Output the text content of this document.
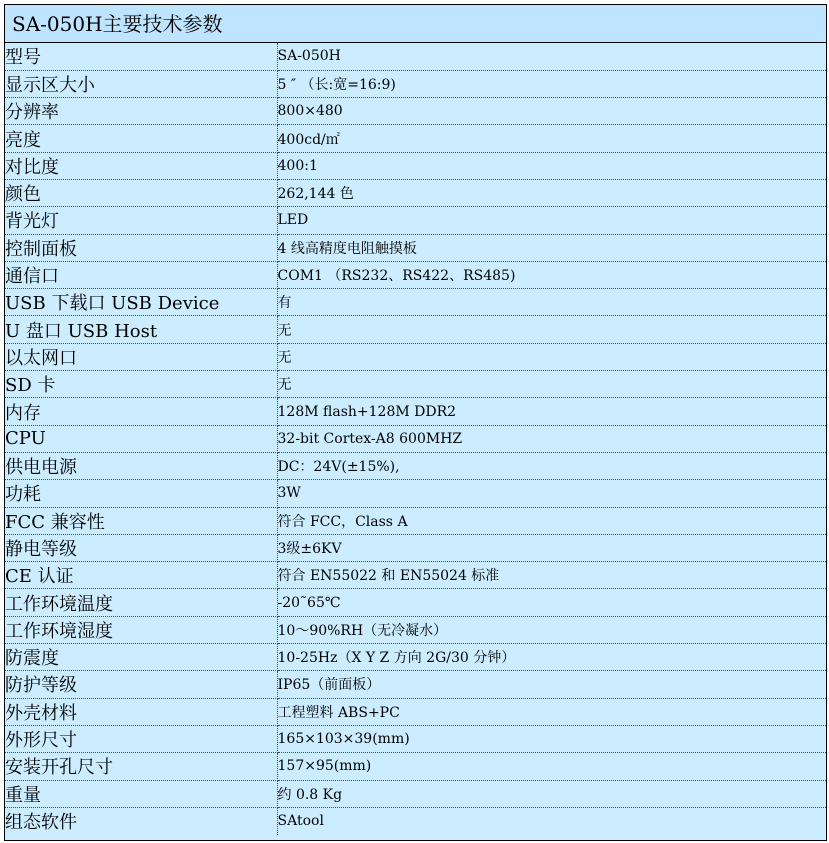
SA-050H主要技术参数
型号	SA-050H
显示区大小	5 ″ （长:宽=16:9)
分辨率	800×480
亮度	400cd/㎡
对比度	400:1
颜色	262,144 色
背光灯	LED
控制面板	4 线高精度电阻触摸板
通信口	COM1 （RS232、RS422、RS485)
USB 下载口 USB Device	有
U 盘口 USB Host	无
以太网口	无
SD 卡	无
内存	128M flash+128M DDR2
CPU	32-bit Cortex-A8 600MHZ
供电电源	DC：24V(±15%),
功耗	3W
FCC 兼容性	符合 FCC，Class A
静电等级	3级±6KV
CE 认证	符合 EN55022 和 EN55024 标准
工作环境温度	-20˜65℃
工作环境湿度	10～90%RH（无冷凝水）
防震度	10-25Hz（X Y Z 方向 2G/30 分钟）
防护等级	IP65（前面板）
外壳材料	工程塑料 ABS+PC
外形尺寸	165×103×39(mm)
安装开孔尺寸	157×95(mm)
重量	约 0.8 Kg
组态软件	SAtool
